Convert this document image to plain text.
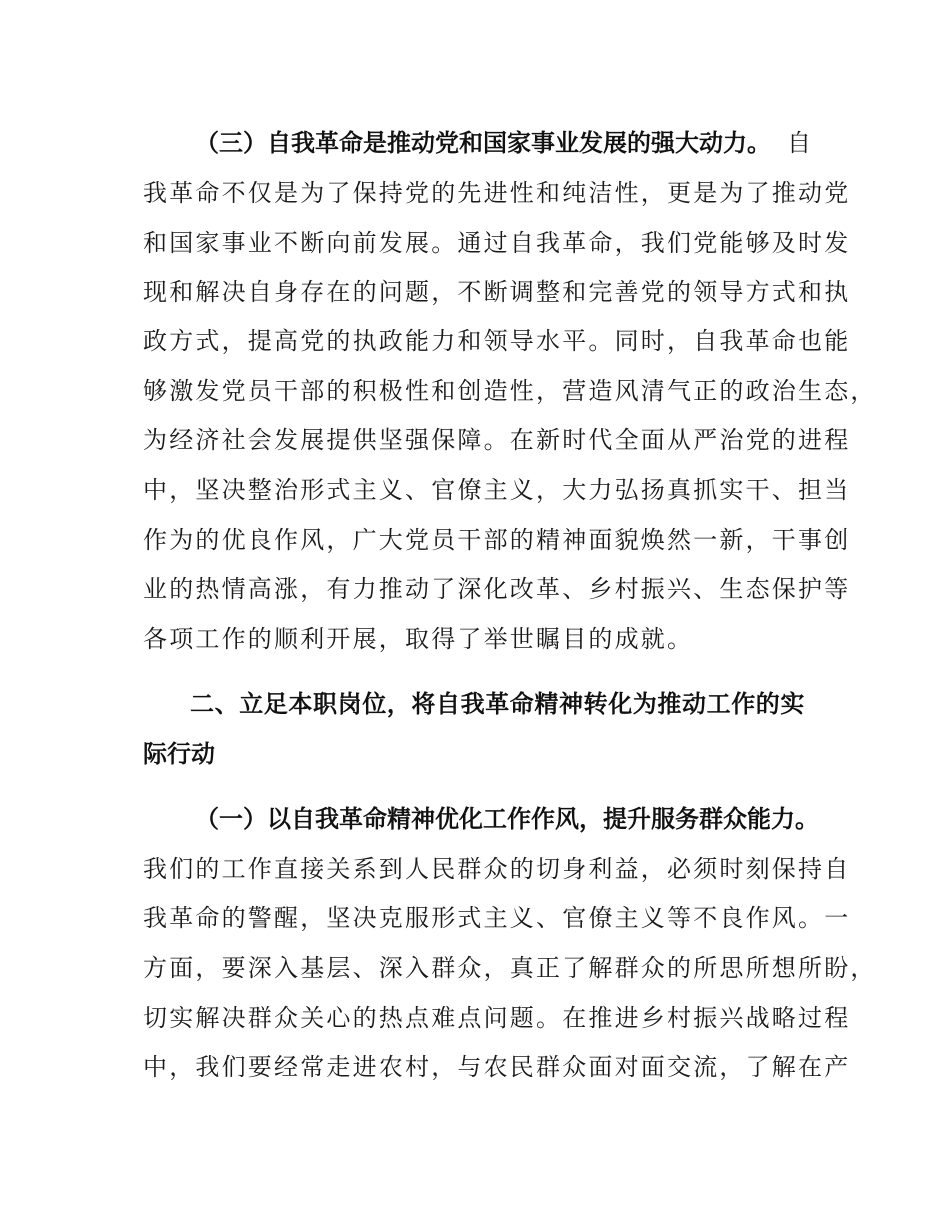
（三）自我革命是推动党和国家事业发展的强大动力。 自
我革命不仅是为了保持党的先进性和纯洁性，更是为了推动党
和国家事业不断向前发展。通过自我革命，我们党能够及时发
现和解决自身存在的问题，不断调整和完善党的领导方式和执
政方式，提高党的执政能力和领导水平。同时，自我革命也能
够激发党员干部的积极性和创造性，营造风清气正的政治生态，
为经济社会发展提供坚强保障。在新时代全面从严治党的进程
中，坚决整治形式主义、官僚主义，大力弘扬真抓实干、担当
作为的优良作风，广大党员干部的精神面貌焕然一新，干事创
业的热情高涨，有力推动了深化改革、乡村振兴、生态保护等
各项工作的顺利开展，取得了举世瞩目的成就。
二、立足本职岗位，将自我革命精神转化为推动工作的实
际行动
（一）以自我革命精神优化工作作风，提升服务群众能力。
我们的工作直接关系到人民群众的切身利益，必须时刻保持自
我革命的警醒，坚决克服形式主义、官僚主义等不良作风。一
方面，要深入基层、深入群众，真正了解群众的所思所想所盼，
切实解决群众关心的热点难点问题。在推进乡村振兴战略过程
中，我们要经常走进农村，与农民群众面对面交流，了解在产
